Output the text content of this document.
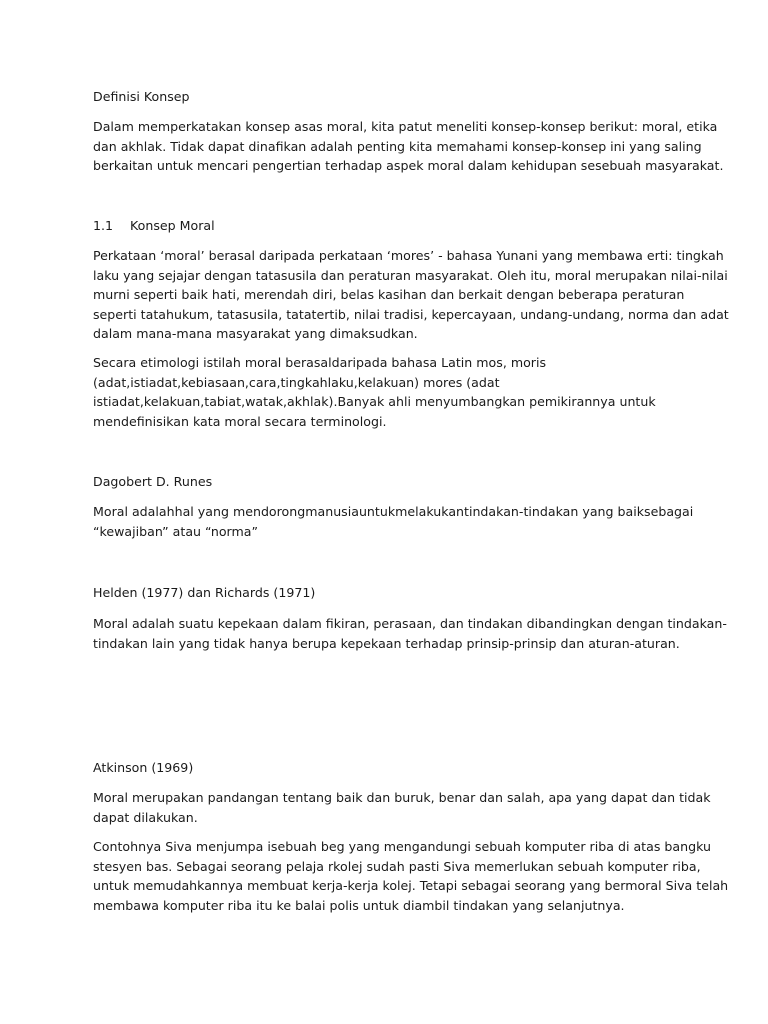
Definisi Konsep

Dalam memperkatakan konsep asas moral, kita patut meneliti konsep-konsep berikut: moral, etika
dan akhlak. Tidak dapat dinafikan adalah penting kita memahami konsep-konsep ini yang saling
berkaitan untuk mencari pengertian terhadap aspek moral dalam kehidupan sesebuah masyarakat.

1.1 Konsep Moral

Perkataan ‘moral’ berasal daripada perkataan ‘mores’ - bahasa Yunani yang membawa erti: tingkah
laku yang sejajar dengan tatasusila dan peraturan masyarakat. Oleh itu, moral merupakan nilai-nilai
murni seperti baik hati, merendah diri, belas kasihan dan berkait dengan beberapa peraturan
seperti tatahukum, tatasusila, tatatertib, nilai tradisi, kepercayaan, undang-undang, norma dan adat
dalam mana-mana masyarakat yang dimaksudkan.

Secara etimologi istilah moral berasaldaripada bahasa Latin mos, moris
(adat,istiadat,kebiasaan,cara,tingkahlaku,kelakuan) mores (adat
istiadat,kelakuan,tabiat,watak,akhlak).Banyak ahli menyumbangkan pemikirannya untuk
mendefinisikan kata moral secara terminologi.

Dagobert D. Runes

Moral adalahhal yang mendorongmanusiauntukmelakukantindakan-tindakan yang baiksebagai
“kewajiban” atau “norma”

Helden (1977) dan Richards (1971)

Moral adalah suatu kepekaan dalam fikiran, perasaan, dan tindakan dibandingkan dengan tindakan-
tindakan lain yang tidak hanya berupa kepekaan terhadap prinsip-prinsip dan aturan-aturan.

Atkinson (1969)

Moral merupakan pandangan tentang baik dan buruk, benar dan salah, apa yang dapat dan tidak
dapat dilakukan.

Contohnya Siva menjumpa isebuah beg yang mengandungi sebuah komputer riba di atas bangku
stesyen bas. Sebagai seorang pelaja rkolej sudah pasti Siva memerlukan sebuah komputer riba,
untuk memudahkannya membuat kerja-kerja kolej. Tetapi sebagai seorang yang bermoral Siva telah
membawa komputer riba itu ke balai polis untuk diambil tindakan yang selanjutnya.
